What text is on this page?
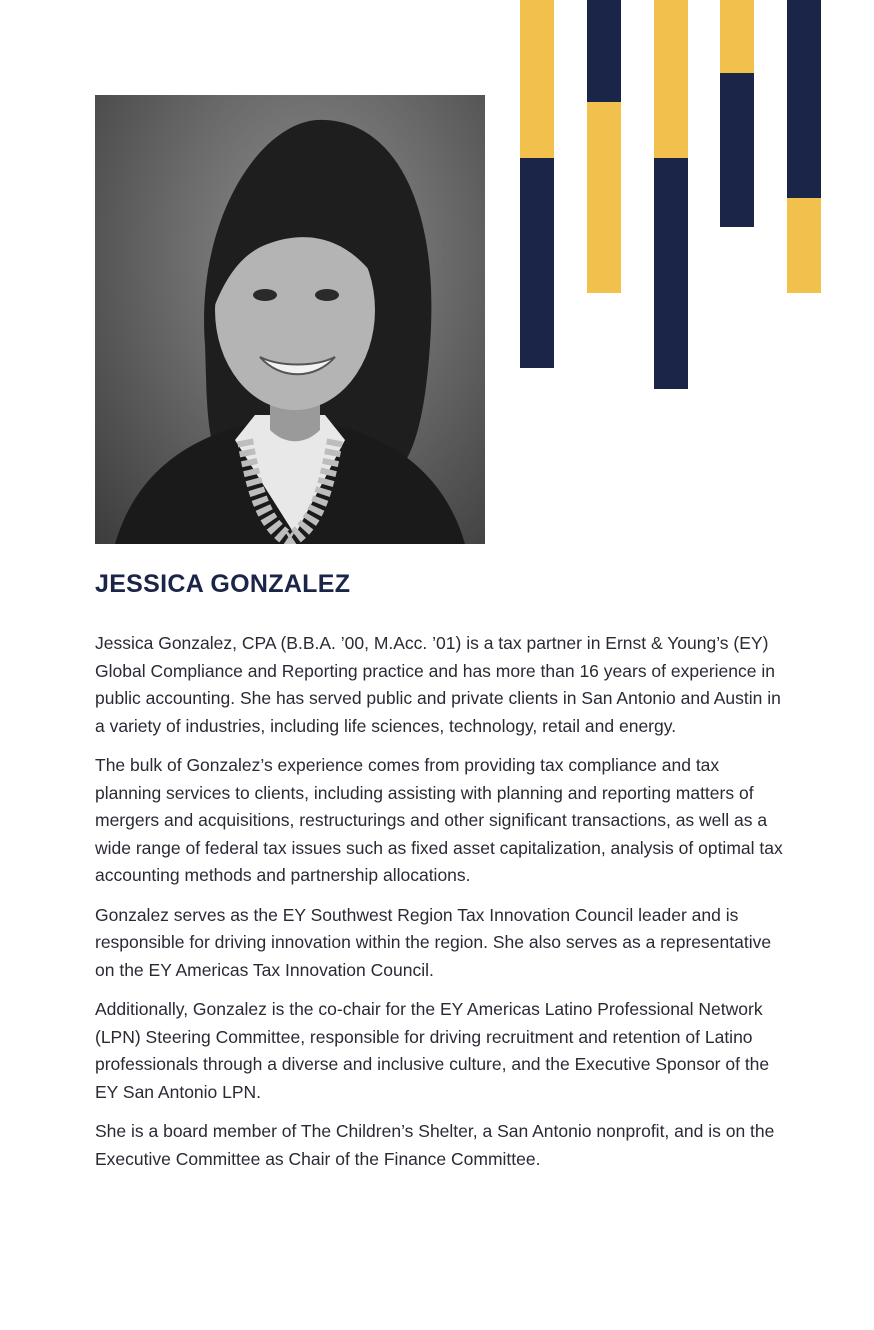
JESSICA GONZALEZ

Jessica Gonzalez, CPA (B.B.A. ’00, M.Acc. ’01) is a tax partner in Ernst & Young’s (EY) Global Compliance and Reporting practice and has more than 16 years of experience in public accounting. She has served public and private clients in San Antonio and Austin in a variety of industries, including life sciences, technology, retail and energy.

The bulk of Gonzalez’s experience comes from providing tax compliance and tax planning services to clients, including assisting with planning and reporting matters of mergers and acquisitions, restructurings and other significant transactions, as well as a wide range of federal tax issues such as fixed asset capitalization, analysis of optimal tax accounting methods and partnership allocations.

Gonzalez serves as the EY Southwest Region Tax Innovation Council leader and is responsible for driving innovation within the region. She also serves as a representative on the EY Americas Tax Innovation Council.

Additionally, Gonzalez is the co-chair for the EY Americas Latino Professional Network (LPN) Steering Committee, responsible for driving recruitment and retention of Latino professionals through a diverse and inclusive culture, and the Executive Sponsor of the EY San Antonio LPN.

She is a board member of The Children’s Shelter, a San Antonio nonprofit, and is on the Executive Committee as Chair of the Finance Committee.
